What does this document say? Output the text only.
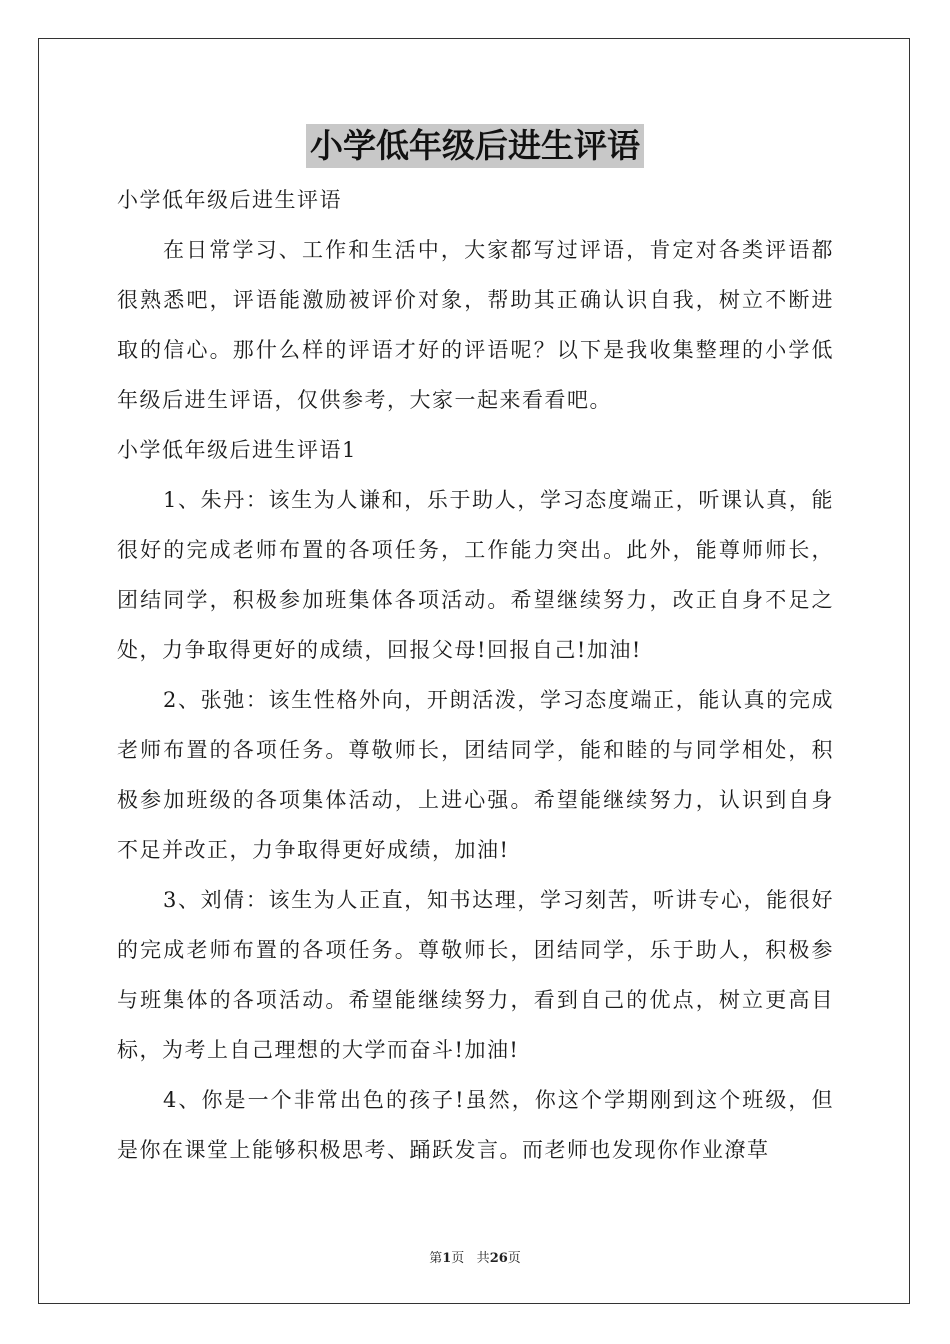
小学低年级后进生评语

小学低年级后进生评语

在日常学习、工作和生活中，大家都写过评语，肯定对各类评语都很熟悉吧，评语能激励被评价对象，帮助其正确认识自我，树立不断进取的信心。那什么样的评语才好的评语呢？以下是我收集整理的小学低年级后进生评语，仅供参考，大家一起来看看吧。

小学低年级后进生评语1

1、朱丹：该生为人谦和，乐于助人，学习态度端正，听课认真，能很好的完成老师布置的各项任务，工作能力突出。此外，能尊师师长，团结同学，积极参加班集体各项活动。希望继续努力，改正自身不足之处，力争取得更好的成绩，回报父母!回报自己!加油!

2、张弛：该生性格外向，开朗活泼，学习态度端正，能认真的完成老师布置的各项任务。尊敬师长，团结同学，能和睦的与同学相处，积极参加班级的各项集体活动，上进心强。希望能继续努力，认识到自身不足并改正，力争取得更好成绩，加油!

3、刘倩：该生为人正直，知书达理，学习刻苦，听讲专心，能很好的完成老师布置的各项任务。尊敬师长，团结同学，乐于助人，积极参与班集体的各项活动。希望能继续努力，看到自己的优点，树立更高目标，为考上自己理想的大学而奋斗!加油!

4、你是一个非常出色的孩子!虽然，你这个学期刚到这个班级，但是你在课堂上能够积极思考、踊跃发言。而老师也发现你作业潦草

第1页 共26页
